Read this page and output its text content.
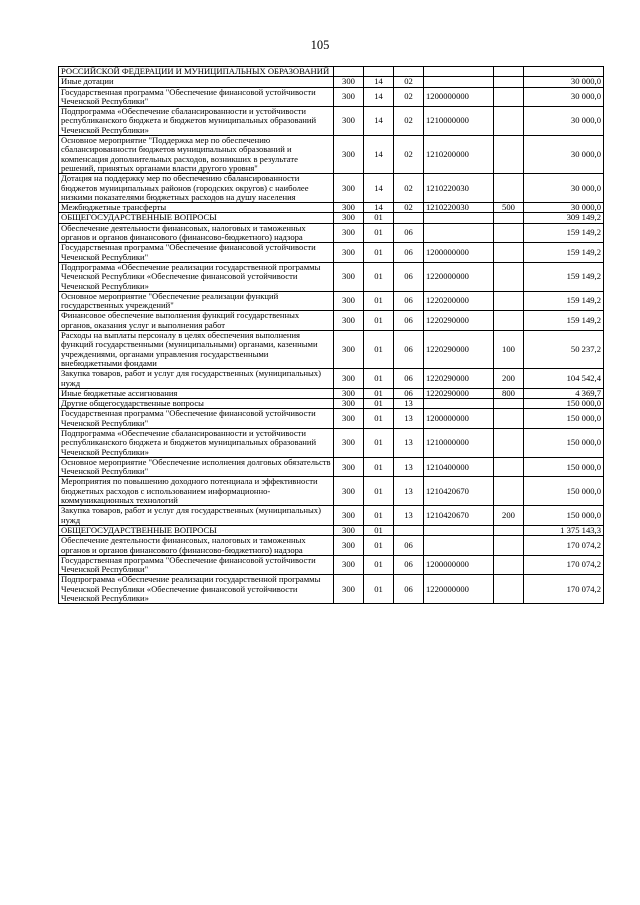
105
РОССИЙСКОЙ ФЕДЕРАЦИИ И МУНИЦИПАЛЬНЫХ ОБРАЗОВАНИЙ						
Иные дотации	300	14	02			30 000,0
Государственная программа "Обеспечение финансовой устойчивости Чеченской Республики"	300	14	02	1200000000		30 000,0
Подпрограмма «Обеспечение сбалансированности и устойчивости республиканского бюджета и бюджетов муниципальных образований Чеченской Республики»	300	14	02	1210000000		30 000,0
Основное мероприятие "Поддержка мер по обеспечению сбалансированности бюджетов муниципальных образований и компенсация дополнительных расходов, возникших в результате решений, принятых органами власти другого уровня"	300	14	02	1210200000		30 000,0
Дотация на поддержку мер по обеспечению сбалансированности бюджетов муниципальных районов (городских округов) с наиболее низкими показателями бюджетных расходов на душу населения	300	14	02	1210220030		30 000,0
Межбюджетные трансферты	300	14	02	1210220030	500	30 000,0
ОБЩЕГОСУДАРСТВЕННЫЕ ВОПРОСЫ	300	01				309 149,2
Обеспечение деятельности финансовых, налоговых и таможенных органов и органов финансового (финансово-бюджетного) надзора	300	01	06			159 149,2
Государственная программа "Обеспечение финансовой устойчивости Чеченской Республики"	300	01	06	1200000000		159 149,2
Подпрограмма «Обеспечение реализации государственной программы Чеченской Республики «Обеспечение финансовой устойчивости Чеченской Республики»	300	01	06	1220000000		159 149,2
Основное мероприятие "Обеспечение реализации функций государственных учреждений"	300	01	06	1220200000		159 149,2
Финансовое обеспечение выполнения функций государственных органов, оказания услуг и выполнения работ	300	01	06	1220290000		159 149,2
Расходы на выплаты персоналу в целях обеспечения выполнения функций государственными (муниципальными) органами, казенными учреждениями, органами управления государственными внебюджетными фондами	300	01	06	1220290000	100	50 237,2
Закупка товаров, работ и услуг для государственных (муниципальных) нужд	300	01	06	1220290000	200	104 542,4
Иные бюджетные ассигнования	300	01	06	1220290000	800	4 369,7
Другие общегосударственные вопросы	300	01	13			150 000,0
Государственная программа "Обеспечение финансовой устойчивости Чеченской Республики"	300	01	13	1200000000		150 000,0
Подпрограмма «Обеспечение сбалансированности и устойчивости республиканского бюджета и бюджетов муниципальных образований Чеченской Республики»	300	01	13	1210000000		150 000,0
Основное мероприятие "Обеспечение исполнения долговых обязательств Чеченской Республики"	300	01	13	1210400000		150 000,0
Мероприятия по повышению доходного потенциала и эффективности бюджетных расходов с использованием информационно-коммуникационных технологий	300	01	13	1210420670		150 000,0
Закупка товаров, работ и услуг для государственных (муниципальных) нужд	300	01	13	1210420670	200	150 000,0
ОБЩЕГОСУДАРСТВЕННЫЕ ВОПРОСЫ	300	01				1 375 143,3
Обеспечение деятельности финансовых, налоговых и таможенных органов и органов финансового (финансово-бюджетного) надзора	300	01	06			170 074,2
Государственная программа "Обеспечение финансовой устойчивости Чеченской Республики"	300	01	06	1200000000		170 074,2
Подпрограмма «Обеспечение реализации государственной программы Чеченской Республики «Обеспечение финансовой устойчивости Чеченской Республики»	300	01	06	1220000000		170 074,2
